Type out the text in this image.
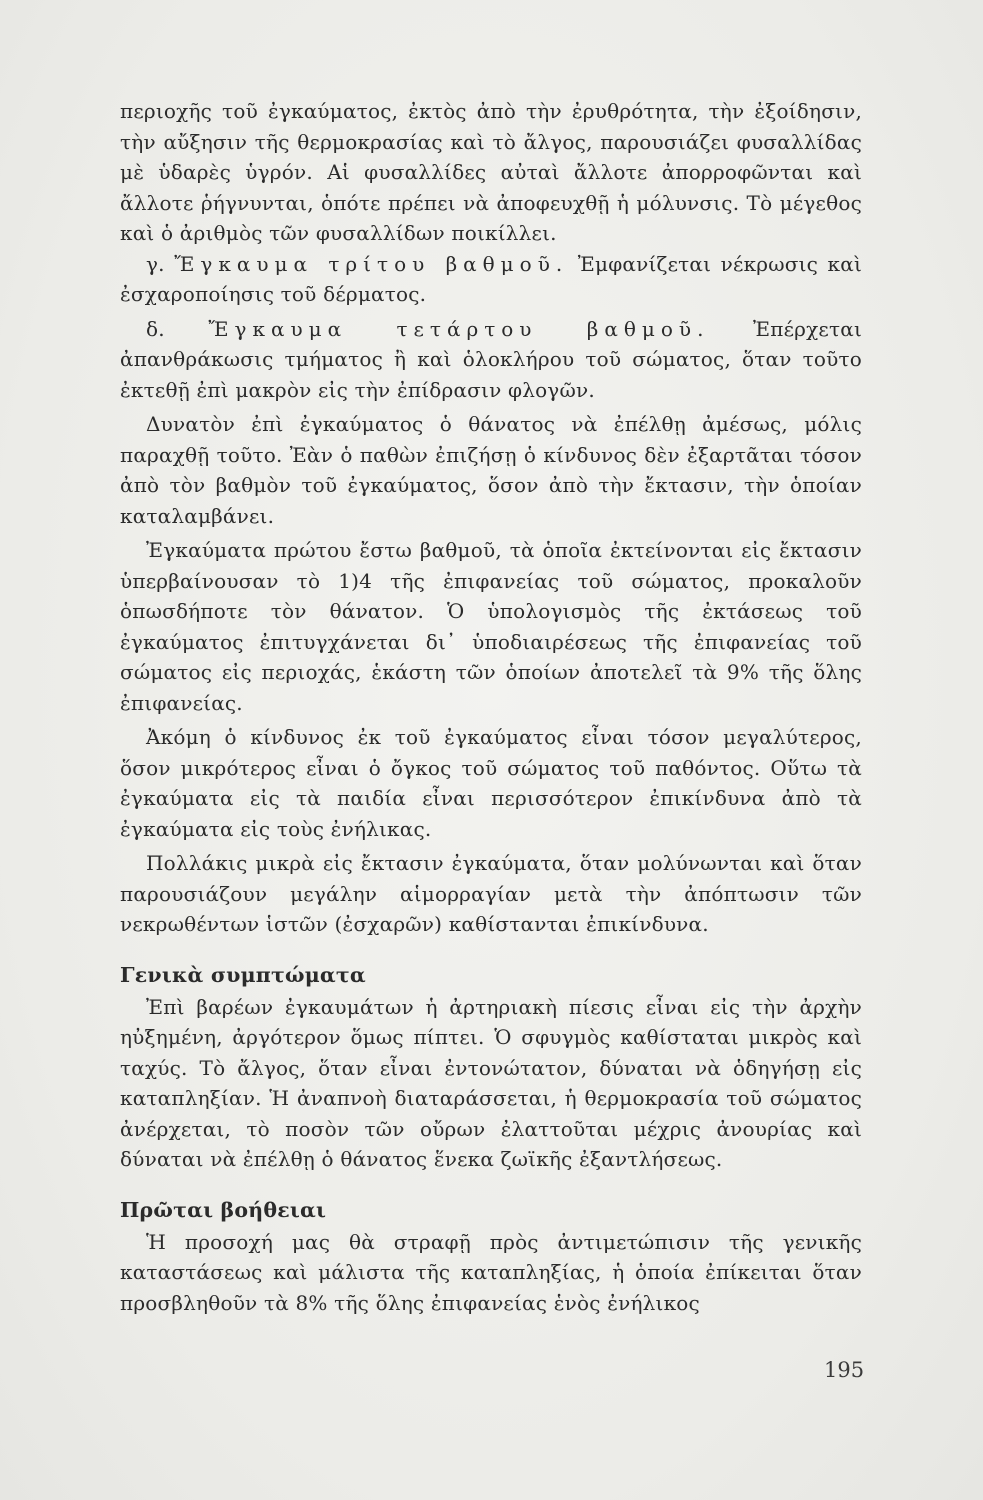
περιοχῆς τοῦ ἐγκαύματος, ἐκτὸς ἀπὸ τὴν ἐρυθρότητα, τὴν ἐξοίδησιν, τὴν αὔξησιν τῆς θερμοκρασίας καὶ τὸ ἄλγος, παρουσιάζει φυσαλλίδας μὲ ὑδαρὲς ὑγρόν. Αἱ φυσαλλίδες αὐταὶ ἄλλοτε ἀπορροφῶνται καὶ ἄλλοτε ῥήγνυνται, ὁπότε πρέπει νὰ ἀποφευχθῇ ἡ μόλυνσις. Τὸ μέγεθος καὶ ὁ ἀριθμὸς τῶν φυσαλλίδων ποικίλλει.

γ. Ἔγκαυμα τρίτου βαθμοῦ. Ἐμφανίζεται νέκρωσις καὶ ἐσχαροποίησις τοῦ δέρματος.

δ. Ἔγκαυμα τετάρτου βαθμοῦ. Ἐπέρχεται ἀπανθράκωσις τμήματος ἢ καὶ ὁλοκλήρου τοῦ σώματος, ὅταν τοῦτο ἐκτεθῇ ἐπὶ μακρὸν εἰς τὴν ἐπίδρασιν φλογῶν.

Δυνατὸν ἐπὶ ἐγκαύματος ὁ θάνατος νὰ ἐπέλθῃ ἀμέσως, μόλις παραχθῇ τοῦτο. Ἐὰν ὁ παθὼν ἐπιζήσῃ ὁ κίνδυνος δὲν ἐξαρτᾶται τόσον ἀπὸ τὸν βαθμὸν τοῦ ἐγκαύματος, ὅσον ἀπὸ τὴν ἔκτασιν, τὴν ὁποίαν καταλαμβάνει.

Ἐγκαύματα πρώτου ἔστω βαθμοῦ, τὰ ὁποῖα ἐκτείνονται εἰς ἔκτασιν ὑπερβαίνουσαν τὸ 1)4 τῆς ἐπιφανείας τοῦ σώματος, προκαλοῦν ὁπωσδήποτε τὸν θάνατον. Ὁ ὑπολογισμὸς τῆς ἐκτάσεως τοῦ ἐγκαύματος ἐπιτυγχάνεται δι᾽ ὑποδιαιρέσεως τῆς ἐπιφανείας τοῦ σώματος εἰς περιοχάς, ἑκάστη τῶν ὁποίων ἀποτελεῖ τὰ 9% τῆς ὅλης ἐπιφανείας.

Ἀκόμη ὁ κίνδυνος ἐκ τοῦ ἐγκαύματος εἶναι τόσον μεγαλύτερος, ὅσον μικρότερος εἶναι ὁ ὄγκος τοῦ σώματος τοῦ παθόντος. Οὕτω τὰ ἐγκαύματα εἰς τὰ παιδία εἶναι περισσότερον ἐπικίνδυνα ἀπὸ τὰ ἐγκαύματα εἰς τοὺς ἐνήλικας.

Πολλάκις μικρὰ εἰς ἔκτασιν ἐγκαύματα, ὅταν μολύνωνται καὶ ὅταν παρουσιάζουν μεγάλην αἱμορραγίαν μετὰ τὴν ἀπόπτωσιν τῶν νεκρωθέντων ἱστῶν (ἐσχαρῶν) καθίστανται ἐπικίνδυνα.

Γενικὰ συμπτώματα

Ἐπὶ βαρέων ἐγκαυμάτων ἡ ἀρτηριακὴ πίεσις εἶναι εἰς τὴν ἀρχὴν ηὐξημένη, ἀργότερον ὅμως πίπτει. Ὁ σφυγμὸς καθίσταται μικρὸς καὶ ταχύς. Τὸ ἄλγος, ὅταν εἶναι ἐντονώτατον, δύναται νὰ ὁδηγήσῃ εἰς καταπληξίαν. Ἡ ἀναπνοὴ διαταράσσεται, ἡ θερμοκρασία τοῦ σώματος ἀνέρχεται, τὸ ποσὸν τῶν οὔρων ἐλαττοῦται μέχρις ἀνουρίας καὶ δύναται νὰ ἐπέλθῃ ὁ θάνατος ἕνεκα ζωϊκῆς ἐξαντλήσεως.

Πρῶται βοήθειαι

Ἡ προσοχή μας θὰ στραφῇ πρὸς ἀντιμετώπισιν τῆς γενικῆς καταστάσεως καὶ μάλιστα τῆς καταπληξίας, ἡ ὁποία ἐπίκειται ὅταν προσβληθοῦν τὰ 8% τῆς ὅλης ἐπιφανείας ἑνὸς ἐνήλικος

195
